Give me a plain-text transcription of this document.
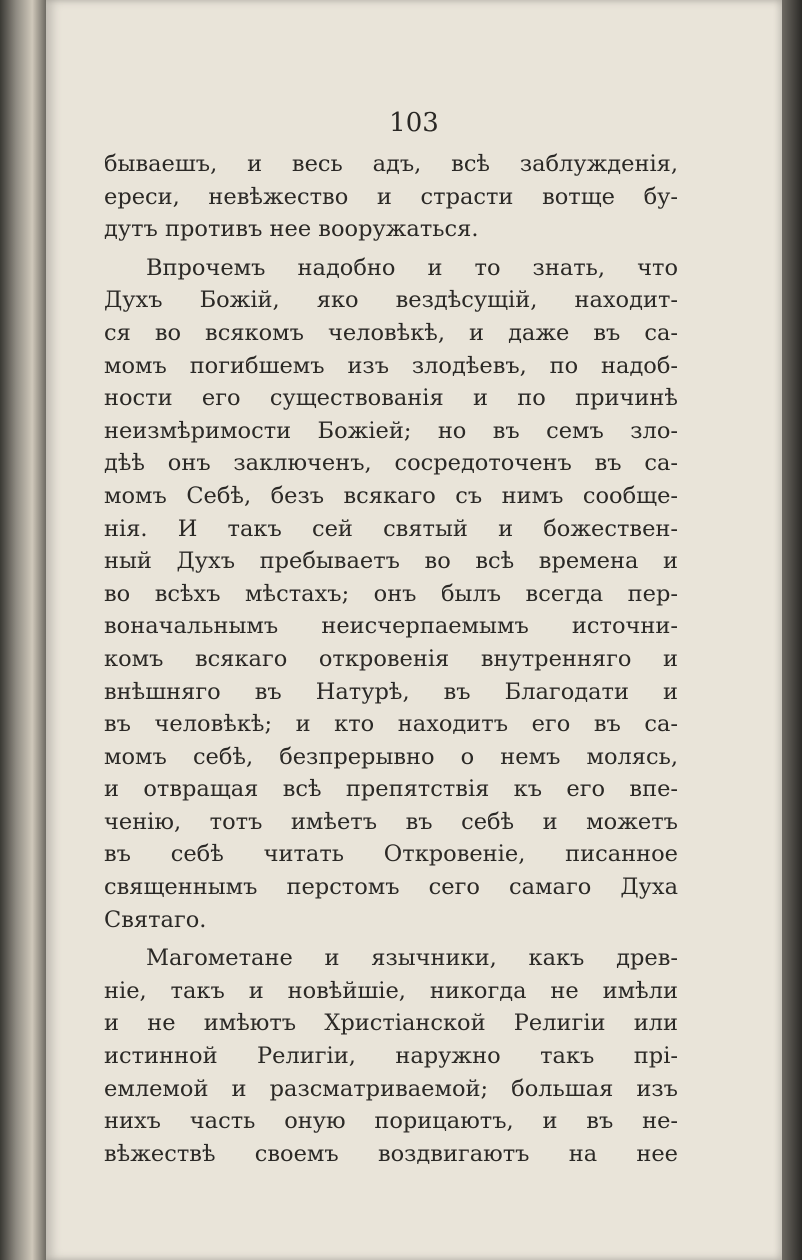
103
бываешъ, и весь адъ, всѣ заблужденія,
ереси, невѣжество и страсти вотще бу-
дутъ противъ нее вооружаться.
Впрочемъ надобно и то знать, что
Духъ Божій, яко вездѣсущій, находит-
ся во всякомъ человѣкѣ, и даже въ са-
момъ погибшемъ изъ злодѣевъ, по надоб-
ности его существованія и по причинѣ
неизмѣримости Божіей; но въ семъ зло-
дѣѣ онъ заключенъ, сосредоточенъ въ са-
момъ Себѣ, безъ всякаго съ нимъ сообще-
нія. И такъ сей святый и божествен-
ный Духъ пребываетъ во всѣ времена и
во всѣхъ мѣстахъ; онъ былъ всегда пер-
воначальнымъ неисчерпаемымъ источни-
комъ всякаго откровенія внутренняго и
внѣшняго въ Натурѣ, въ Благодати и
въ человѣкѣ; и кто находитъ его въ са-
момъ себѣ, безпрерывно о немъ молясь,
и отвращая всѣ препятствія къ его впе-
ченію, тотъ имѣетъ въ себѣ и можетъ
въ себѣ читать Откровеніе, писанное
священнымъ перстомъ сего самаго Духа
Святаго.
Магометане и язычники, какъ древ-
ніе, такъ и новѣйшіе, никогда не имѣли
и не имѣютъ Христіанской Религіи или
истинной Религіи, наружно такъ прі-
емлемой и разсматриваемой; большая изъ
нихъ часть оную порицаютъ, и въ не-
вѣжествѣ своемъ воздвигаютъ на нее
